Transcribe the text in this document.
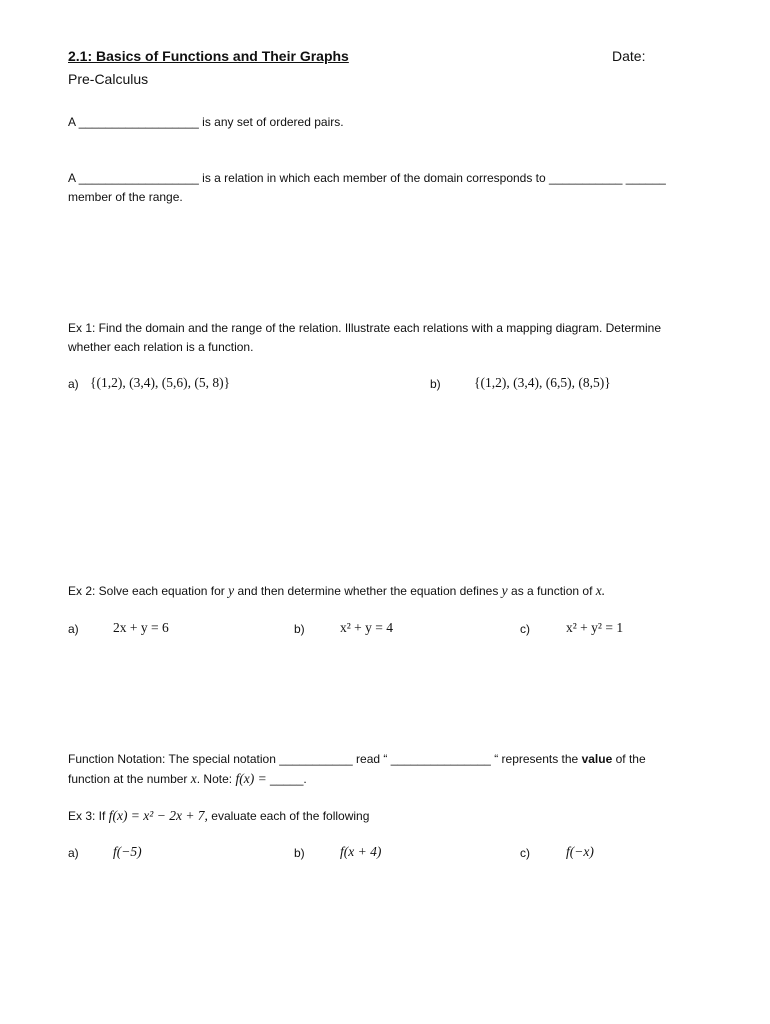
2.1: Basics of Functions and Their Graphs	Date:
Pre-Calculus
A __________________ is any set of ordered pairs.
A __________________ is a relation in which each member of the domain corresponds to ___________ ______
member of the range.
Ex 1: Find the domain and the range of the relation. Illustrate each relations with a mapping diagram. Determine
whether each relation is a function.
a) {(1,2), (3,4), (5,6), (5, 8)}	b) {(1,2), (3,4), (6,5), (8,5)}
Ex 2: Solve each equation for y and then determine whether the equation defines y as a function of x.
a)	2x + y = 6	b)	x² + y = 4	c)	x² + y² = 1
Function Notation: The special notation ___________ read “ _______________ “ represents the value of the
function at the number x. Note: f(x) = _____.
Ex 3: If f(x) = x² − 2x + 7, evaluate each of the following
a)	f(−5)	b)	f(x + 4)	c)	f(−x)
